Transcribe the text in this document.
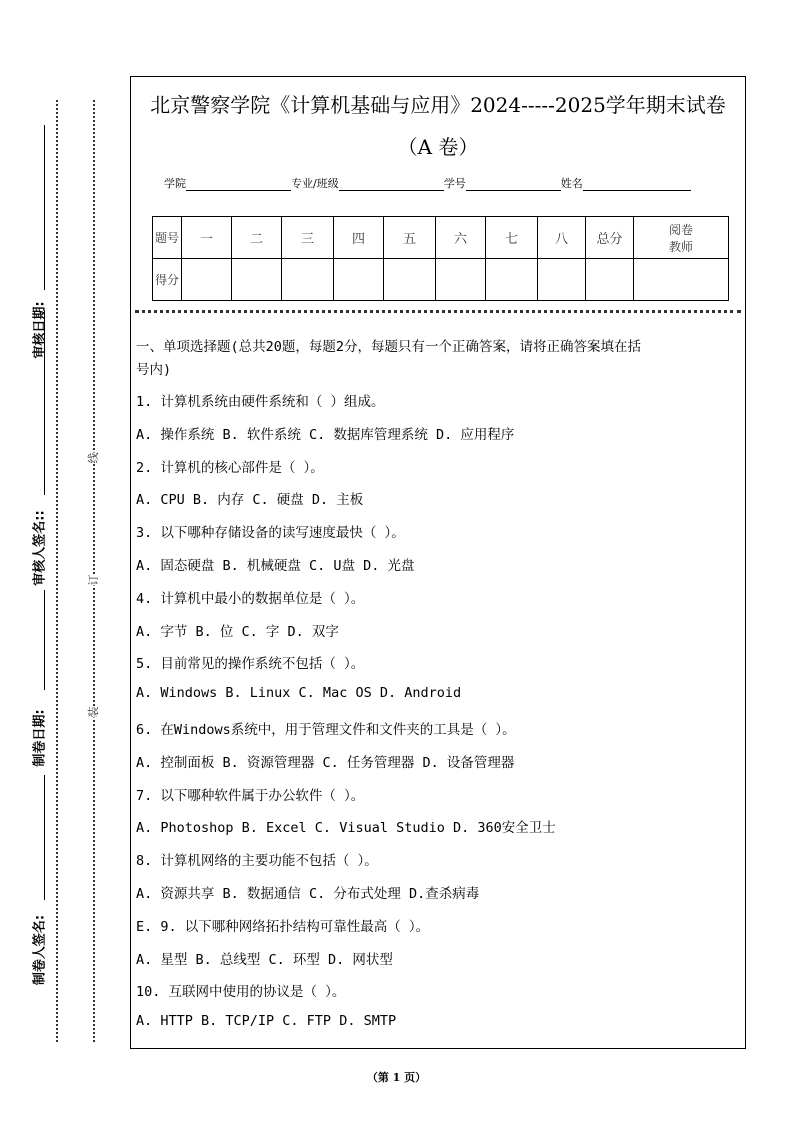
审核日期:
审核人签名::
制卷日期:
制卷人签名:
线
订
装
北京警察学院《计算机基础与应用》2024-----2025学年期末试卷
（A 卷）
学院	专业/班级	学号	姓名
题号	一	二	三	四	五	六	七	八	总分	阅卷教师
得分										
一、单项选择题(总共20题，每题2分，每题只有一个正确答案，请将正确答案填在括
号内)
1. 计算机系统由硬件系统和（ ）组成。
A. 操作系统 B. 软件系统 C. 数据库管理系统 D. 应用程序
2. 计算机的核心部件是（ ）。
A. CPU B. 内存 C. 硬盘 D. 主板
3. 以下哪种存储设备的读写速度最快（ ）。
A. 固态硬盘 B. 机械硬盘 C. U盘 D. 光盘
4. 计算机中最小的数据单位是（ ）。
A. 字节 B. 位 C. 字 D. 双字
5. 目前常见的操作系统不包括（ ）。
A. Windows B. Linux C. Mac OS D. Android
6. 在Windows系统中，用于管理文件和文件夹的工具是（ ）。
A. 控制面板 B. 资源管理器 C. 任务管理器 D. 设备管理器
7. 以下哪种软件属于办公软件（ ）。
A. Photoshop B. Excel C. Visual Studio D. 360安全卫士
8. 计算机网络的主要功能不包括（ ）。
A. 资源共享 B. 数据通信 C. 分布式处理 D.查杀病毒
E. 9. 以下哪种网络拓扑结构可靠性最高（ ）。
A. 星型 B. 总线型 C. 环型 D. 网状型
10. 互联网中使用的协议是（ ）。
A. HTTP B. TCP/IP C. FTP D. SMTP
（第 1 页）
